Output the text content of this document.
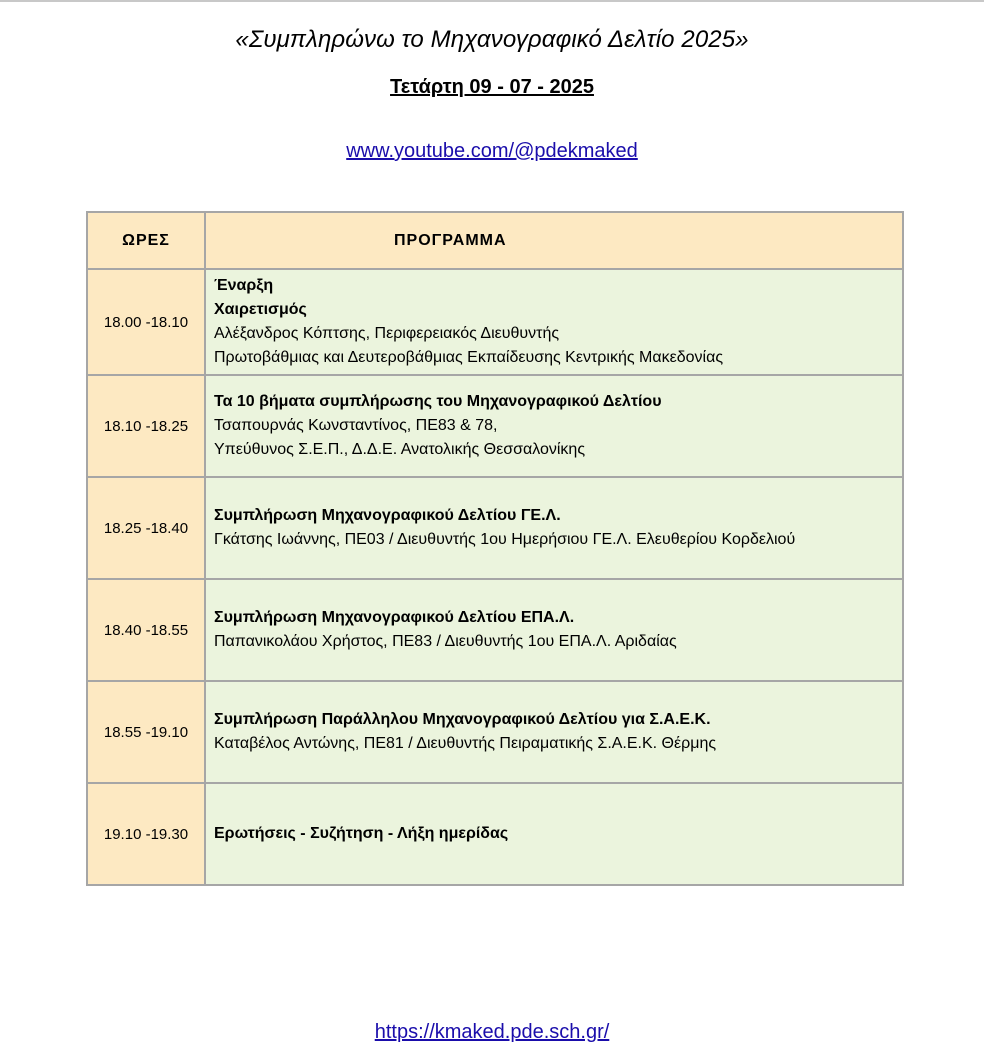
«Συμπληρώνω το Μηχανογραφικό Δελτίο 2025»
Τετάρτη 09 - 07 - 2025
www.youtube.com/@pdekmaked
ΩΡΕΣ	ΠΡΟΓΡΑΜΜΑ
18.00 -18.10	Έναρξη
Χαιρετισμός
Αλέξανδρος Κόπτσης, Περιφερειακός Διευθυντής
Πρωτοβάθμιας και Δευτεροβάθμιας Εκπαίδευσης Κεντρικής Μακεδονίας

18.10 -18.25	Τα 10 βήματα συμπλήρωσης του Μηχανογραφικού Δελτίου
Τσαπουρνάς Κωνσταντίνος, ΠΕ83 & 78,
Υπεύθυνος Σ.Ε.Π., Δ.Δ.Ε. Ανατολικής Θεσσαλονίκης

18.25 -18.40	Συμπλήρωση Μηχανογραφικού Δελτίου ΓΕ.Λ.
Γκάτσης Ιωάννης, ΠΕ03 / Διευθυντής 1ου Ημερήσιου ΓΕ.Λ. Ελευθερίου Κορδελιού

18.40 -18.55	Συμπλήρωση Μηχανογραφικού Δελτίου ΕΠΑ.Λ.
Παπανικολάου Χρήστος, ΠΕ83 / Διευθυντής 1ου ΕΠΑ.Λ. Αριδαίας

18.55 -19.10	Συμπλήρωση Παράλληλου Μηχανογραφικού Δελτίου για Σ.Α.Ε.Κ.
Καταβέλος Αντώνης, ΠΕ81 / Διευθυντής Πειραματικής Σ.Α.Ε.Κ. Θέρμης

19.10 -19.30	Ερωτήσεις - Συζήτηση - Λήξη ημερίδας
https://kmaked.pde.sch.gr/
